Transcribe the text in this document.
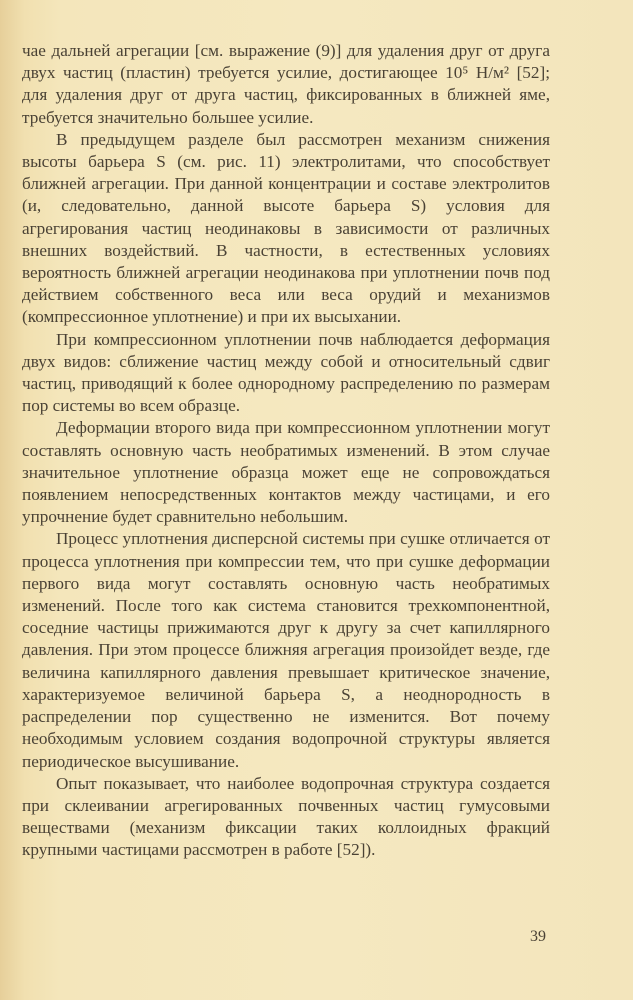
чае дальней агрегации [см. выражение (9)] для удаления друг от друга двух частиц (пластин) требуется усилие, достигающее 10⁵ Н/м² [52]; для удаления друг от друга частиц, фиксированных в ближней яме, требуется значительно большее усилие.

В предыдущем разделе был рассмотрен механизм снижения высоты барьера S (см. рис. 11) электролитами, что способствует ближней агрегации. При данной концентрации и составе электролитов (и, следовательно, данной высоте барьера S) условия для агрегирования частиц неодинаковы в зависимости от различных внешних воздействий. В частности, в естественных условиях вероятность ближней агрегации неодинакова при уплотнении почв под действием собственного веса или веса орудий и механизмов (компрессионное уплотнение) и при их высыхании.

При компрессионном уплотнении почв наблюдается деформация двух видов: сближение частиц между собой и относительный сдвиг частиц, приводящий к более однородному распределению по размерам пор системы во всем образце.

Деформации второго вида при компрессионном уплотнении могут составлять основную часть необратимых изменений. В этом случае значительное уплотнение образца может еще не сопровождаться появлением непосредственных контактов между частицами, и его упрочнение будет сравнительно небольшим.

Процесс уплотнения дисперсной системы при сушке отличается от процесса уплотнения при компрессии тем, что при сушке деформации первого вида могут составлять основную часть необратимых изменений. После того как система становится трехкомпонентной, соседние частицы прижимаются друг к другу за счет капиллярного давления. При этом процессе ближняя агрегация произойдет везде, где величина капиллярного давления превышает критическое значение, характеризуемое величиной барьера S, а неоднородность в распределении пор существенно не изменится. Вот почему необходимым условием создания водопрочной структуры является периодическое высушивание.

Опыт показывает, что наиболее водопрочная структура создается при склеивании агрегированных почвенных частиц гумусовыми веществами (механизм фиксации таких коллоидных фракций крупными частицами рассмотрен в работе [52]).

39
